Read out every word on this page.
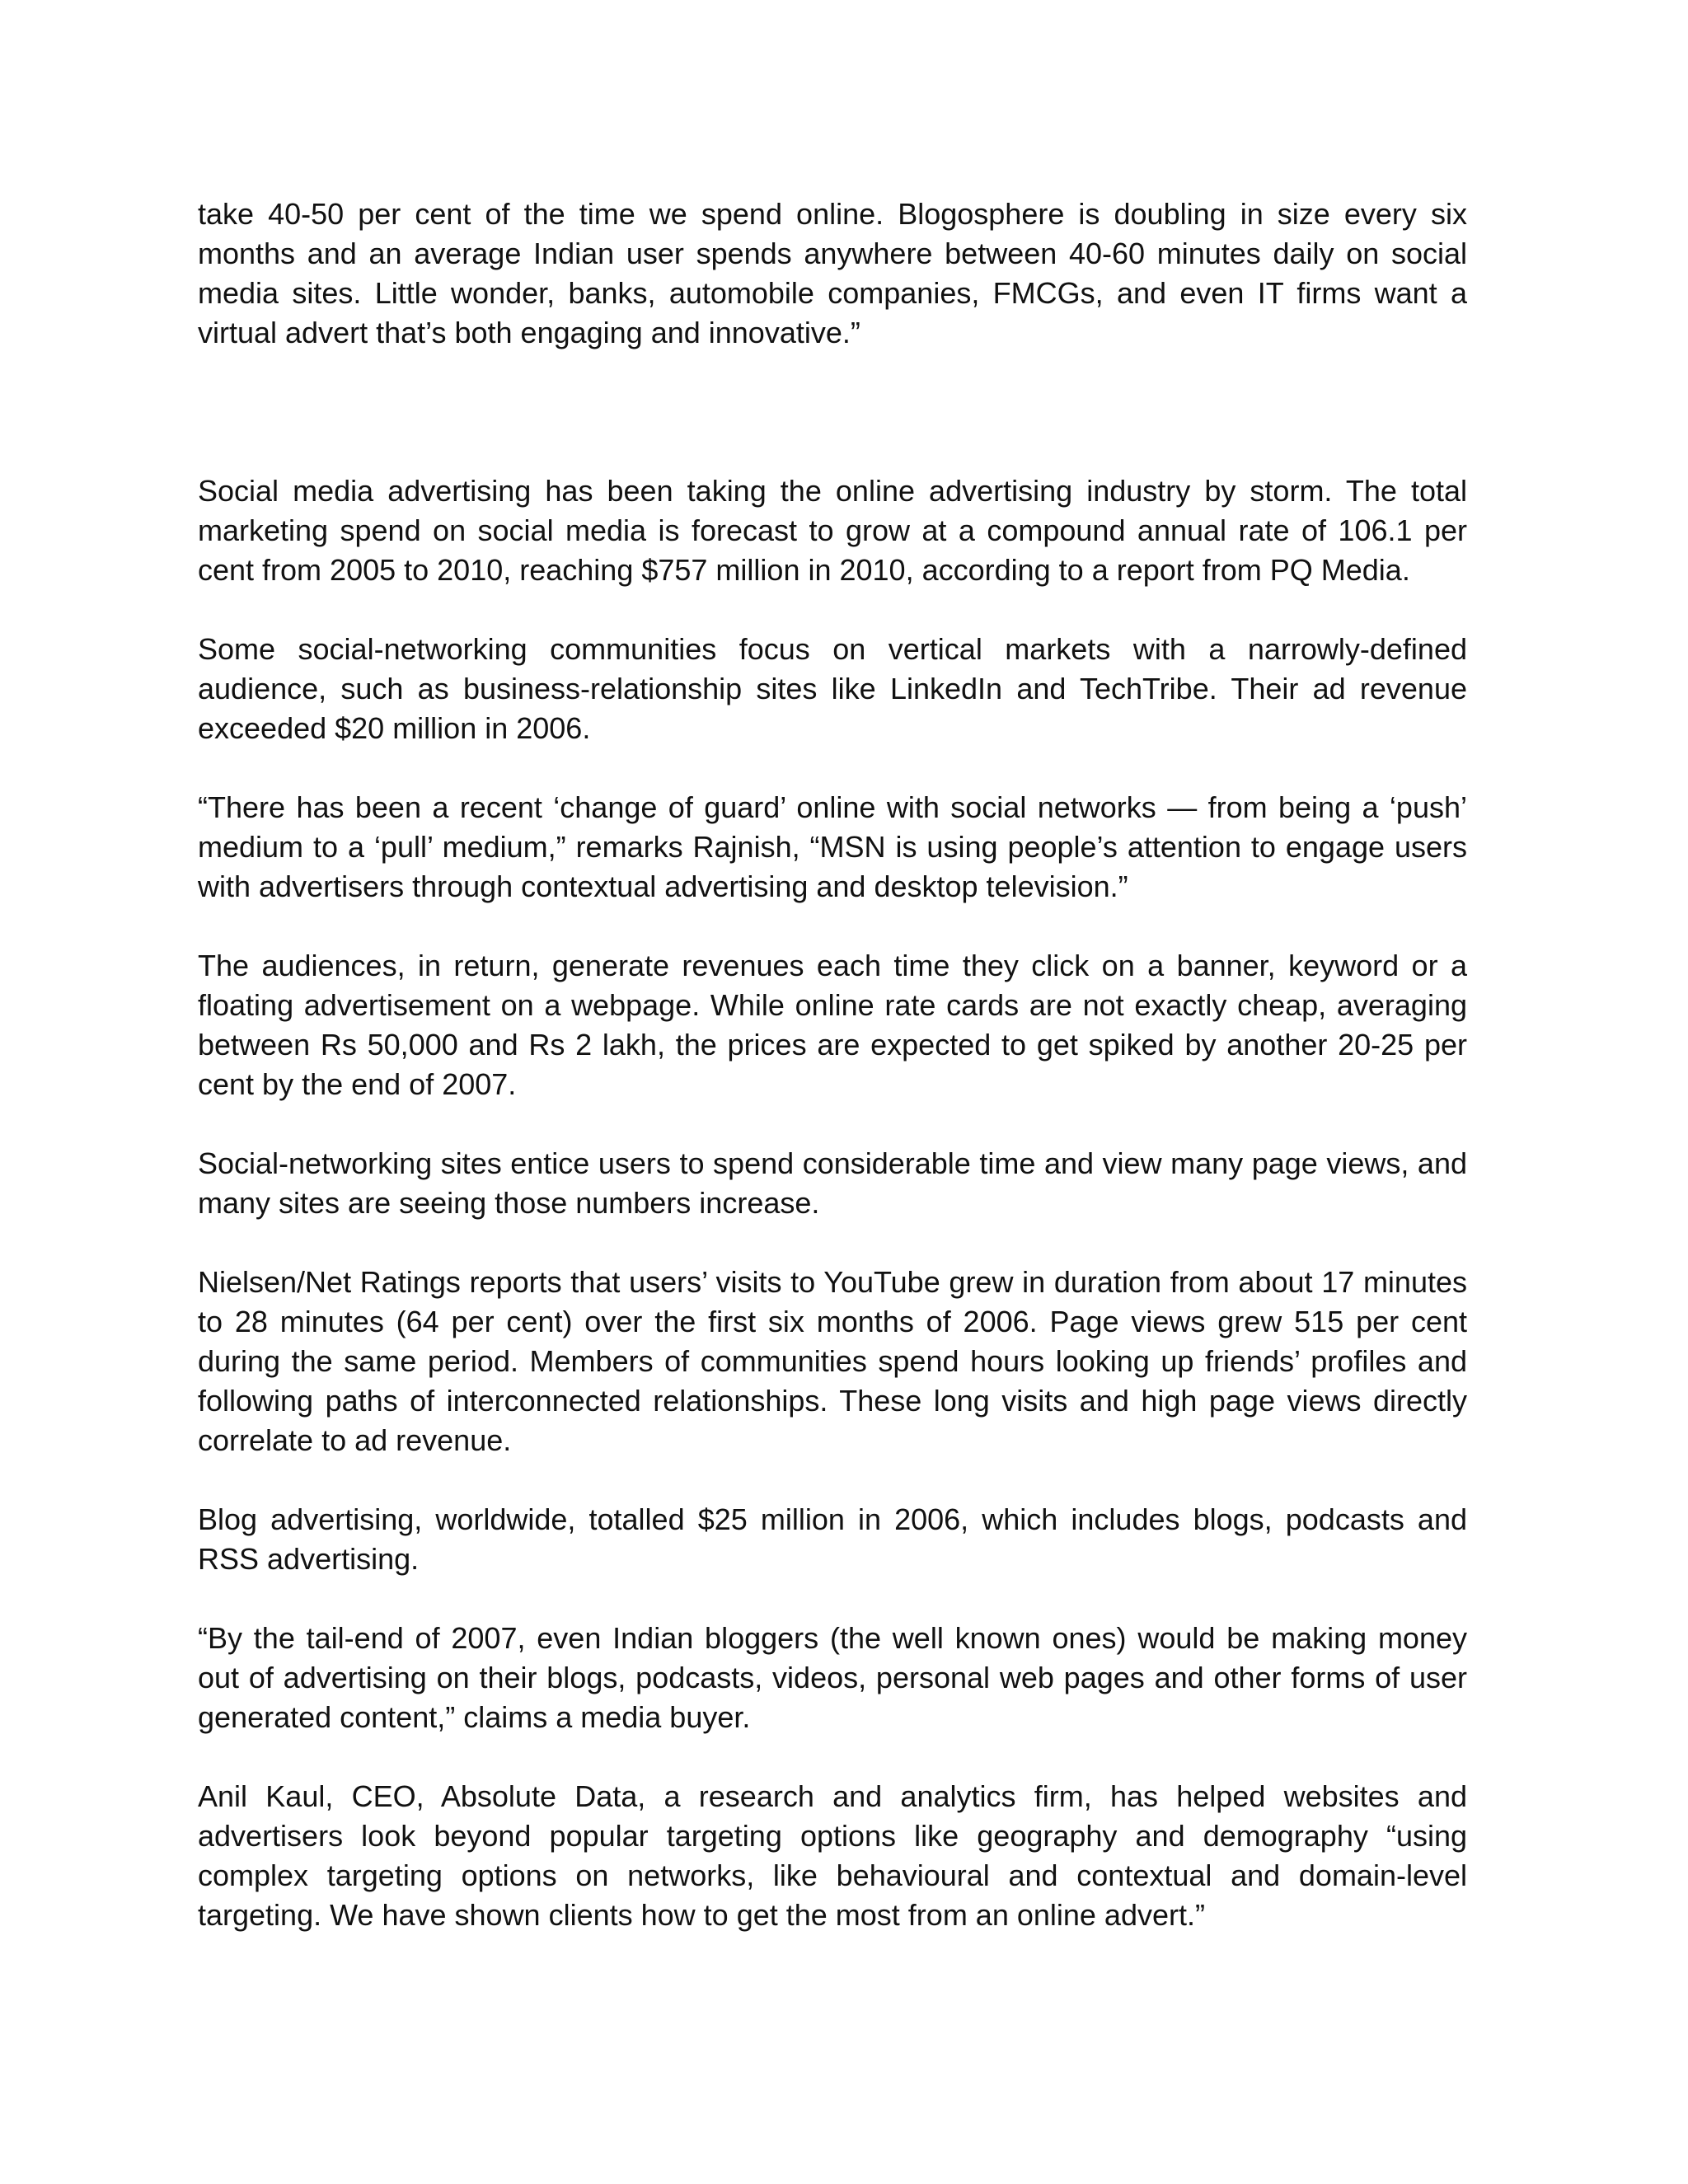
take 40-50 per cent of the time we spend online. Blogosphere is doubling in size every six months and an average Indian user spends anywhere between 40-60 minutes daily on social media sites. Little wonder, banks, automobile companies, FMCGs, and even IT firms want a virtual advert that’s both engaging and innovative.”

Social media advertising has been taking the online advertising industry by storm. The total marketing spend on social media is forecast to grow at a compound annual rate of 106.1 per cent from 2005 to 2010, reaching $757 million in 2010, according to a report from PQ Media.

Some social-networking communities focus on vertical markets with a narrowly-defined audience, such as business-relationship sites like LinkedIn and TechTribe. Their ad revenue exceeded $20 million in 2006.

“There has been a recent ‘change of guard’ online with social networks — from being a ‘push’ medium to a ‘pull’ medium,” remarks Rajnish, “MSN is using people’s attention to engage users with advertisers through contextual advertising and desktop television.”

The audiences, in return, generate revenues each time they click on a banner, keyword or a floating advertisement on a webpage. While online rate cards are not exactly cheap, averaging between Rs 50,000 and Rs 2 lakh, the prices are expected to get spiked by another 20-25 per cent by the end of 2007.

Social-networking sites entice users to spend considerable time and view many page views, and many sites are seeing those numbers increase.

Nielsen/Net Ratings reports that users’ visits to YouTube grew in duration from about 17 minutes to 28 minutes (64 per cent) over the first six months of 2006. Page views grew 515 per cent during the same period. Members of communities spend hours looking up friends’ profiles and following paths of interconnected relationships. These long visits and high page views directly correlate to ad revenue.

Blog advertising, worldwide, totalled $25 million in 2006, which includes blogs, podcasts and RSS advertising.

“By the tail-end of 2007, even Indian bloggers (the well known ones) would be making money out of advertising on their blogs, podcasts, videos, personal web pages and other forms of user generated content,” claims a media buyer.

Anil Kaul, CEO, Absolute Data, a research and analytics firm, has helped websites and advertisers look beyond popular targeting options like geography and demography “using complex targeting options on networks, like behavioural and contextual and domain-level targeting. We have shown clients how to get the most from an online advert.”
